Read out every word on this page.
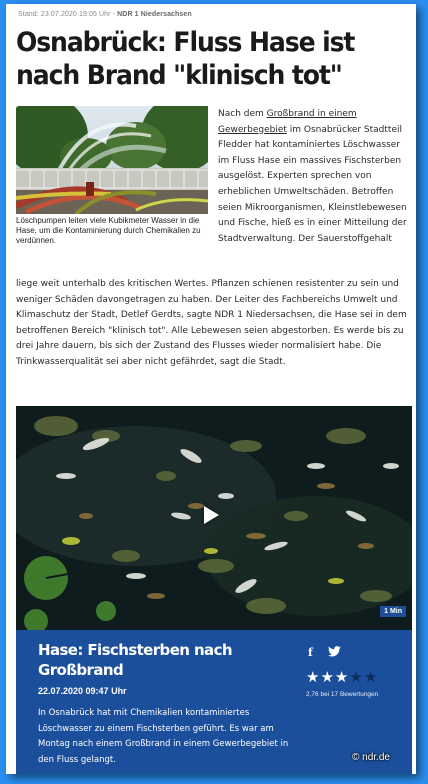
Stand: 23.07.2020 19:05 Uhr - NDR 1 Niedersachsen
Osnabrück: Fluss Hase ist nach Brand "klinisch tot"
Löschpumpen leiten viele Kubikmeter Wasser in die Hase, um die Kontaminierung durch Chemikalien zu verdünnen.

Nach dem Großbrand in einem Gewerbegebiet im Osnabrücker Stadtteil Fledder hat kontaminiertes Löschwasser im Fluss Hase ein massives Fischsterben ausgelöst. Experten sprechen von erheblichen Umweltschäden. Betroffen seien Mikroorganismen, Kleinstlebewesen und Fische, hieß es in einer Mitteilung der Stadtverwaltung. Der Sauerstoffgehalt

liege weit unterhalb des kritischen Wertes. Pflanzen schienen resistenter zu sein und weniger Schäden davongetragen zu haben. Der Leiter des Fachbereichs Umwelt und Klimaschutz der Stadt, Detlef Gerdts, sagte NDR 1 Niedersachsen, die Hase sei in dem betroffenen Bereich "klinisch tot". Alle Lebewesen seien abgestorben. Es werde bis zu drei Jahre dauern, bis sich der Zustand des Flusses wieder normalisiert habe. Die Trinkwasserqualität sei aber nicht gefährdet, sagt die Stadt.

1 Min
Hase: Fischsterben nach Großbrand
22.07.2020 09:47 Uhr
In Osnabrück hat mit Chemikalien kontaminiertes Löschwasser zu einem Fischsterben geführt. Es war am Montag nach einem Großbrand in einem Gewerbegebiet in den Fluss gelangt.
f
★★★★★
2,76 bei 17 Bewertungen
© ndr.de
